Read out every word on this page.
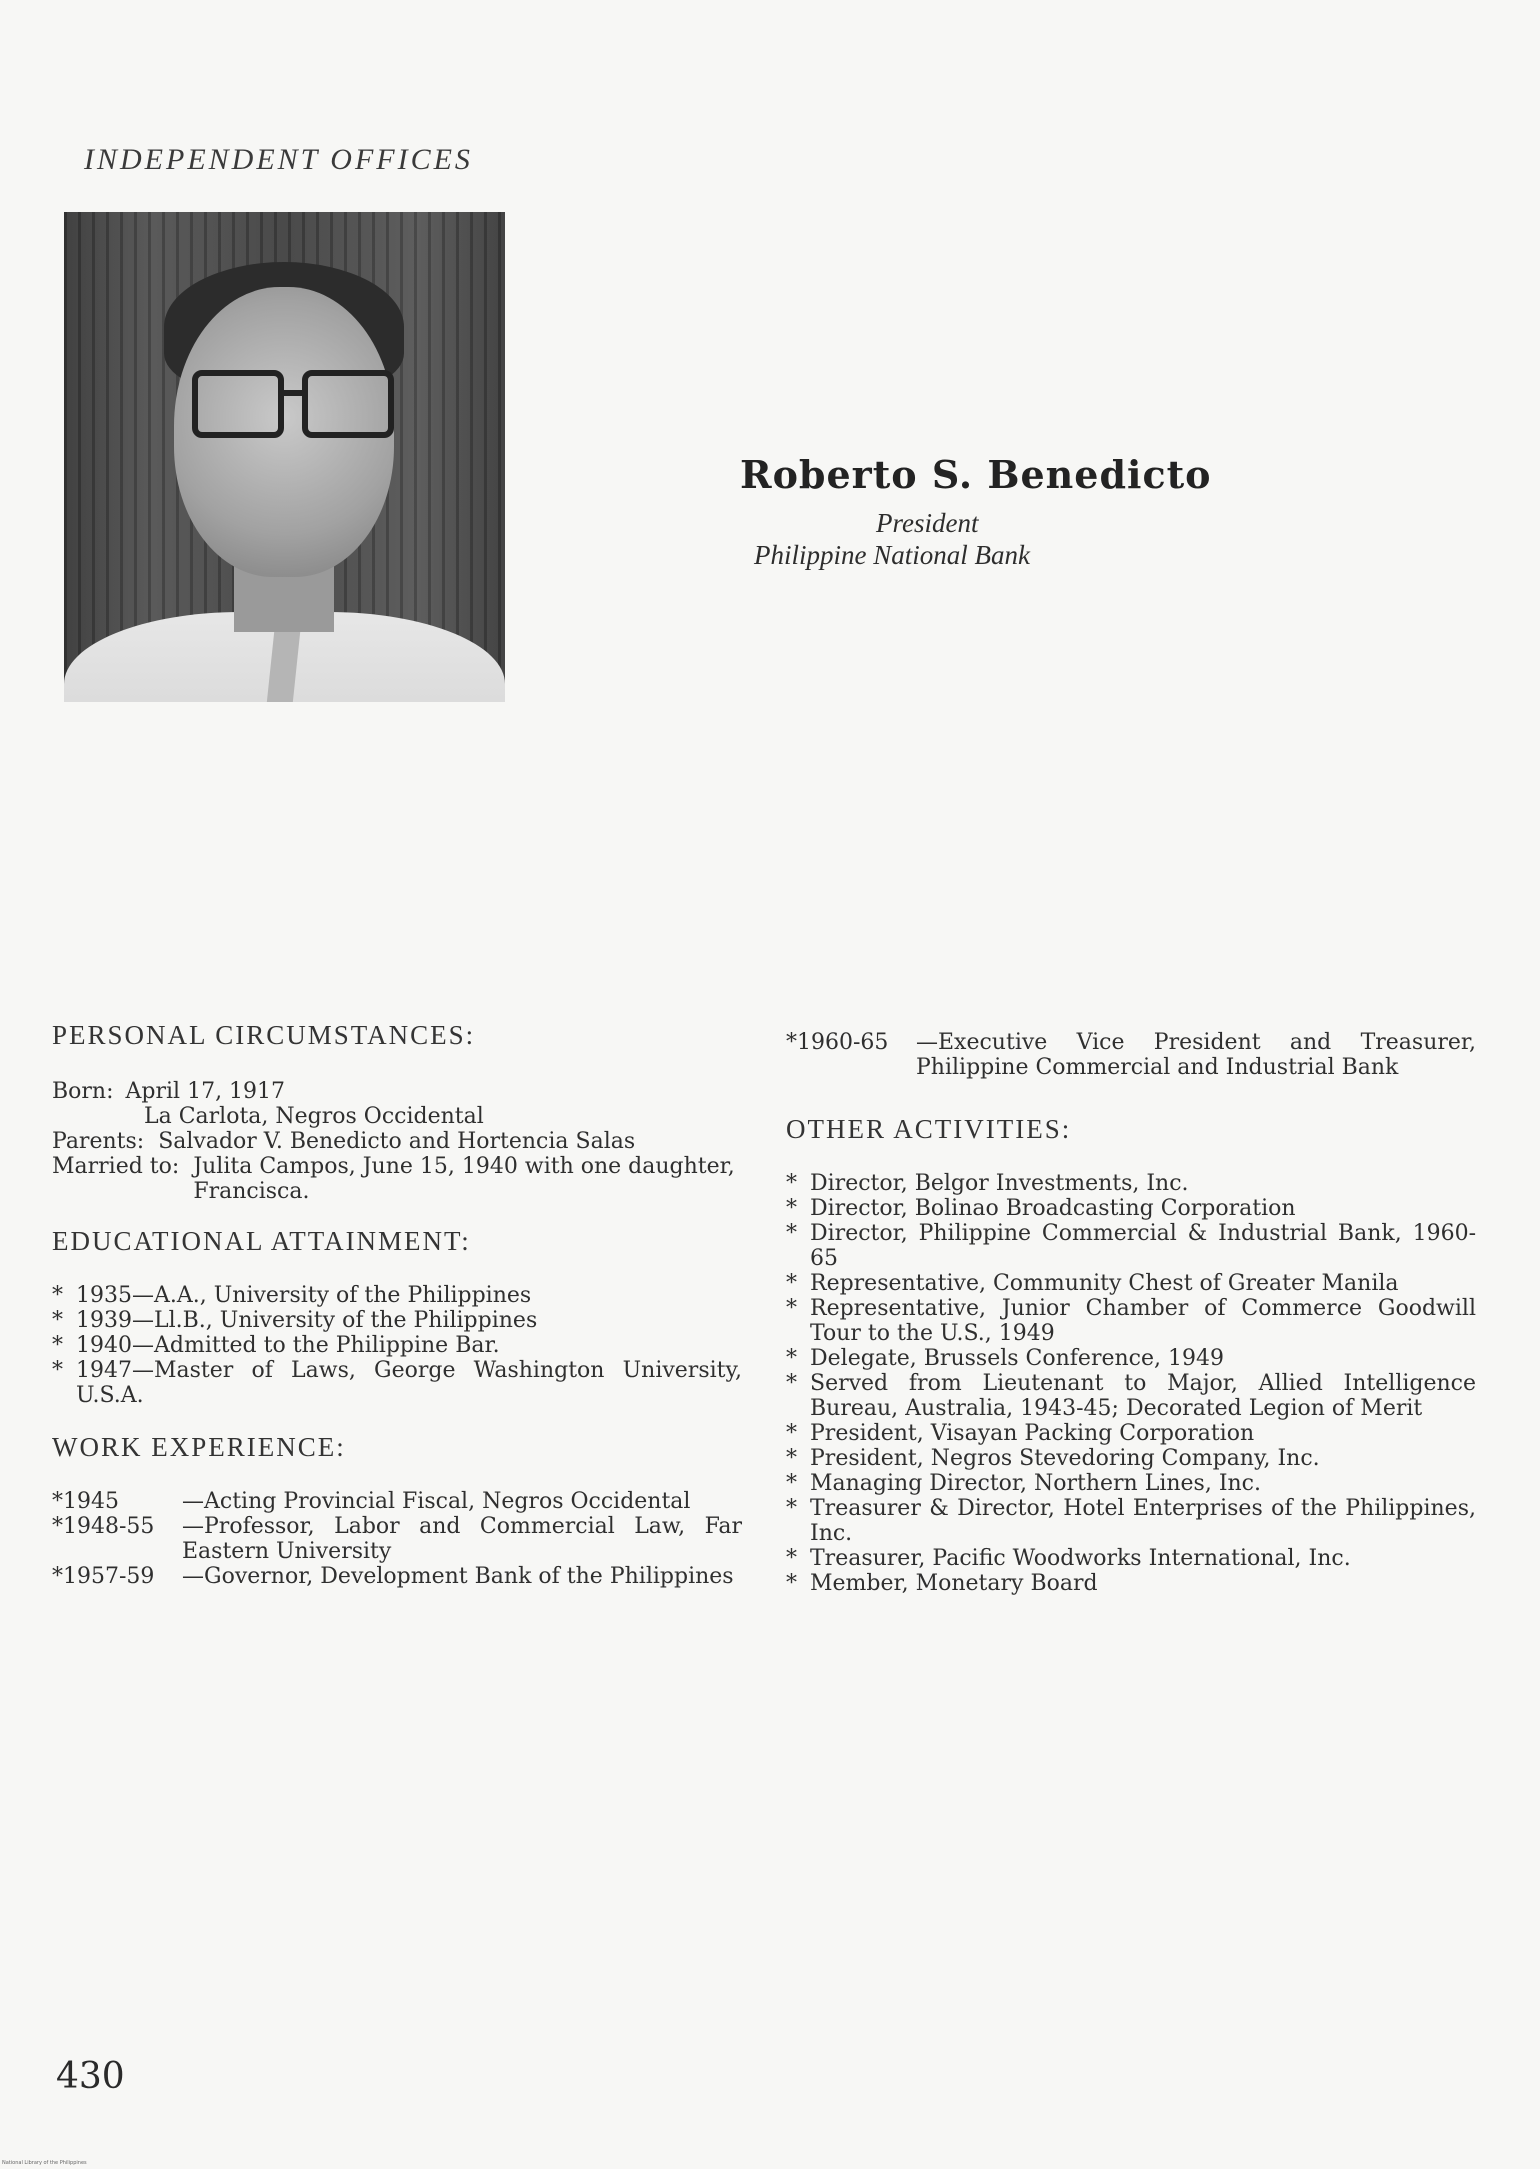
INDEPENDENT OFFICES
Roberto S. Benedicto
President
Philippine National Bank
PERSONAL CIRCUMSTANCES:
Born: April 17, 1917
La Carlota, Negros Occidental
Parents: Salvador V. Benedicto and Hortencia Salas
Married to: Julita Campos, June 15, 1940 with one daughter, Francisca.
EDUCATIONAL ATTAINMENT:
* 1935—A.A., University of the Philippines
* 1939—Ll.B., University of the Philippines
* 1940—Admitted to the Philippine Bar.
* 1947—Master of Laws, George Washington University, U.S.A.
WORK EXPERIENCE:
*1945	—Acting Provincial Fiscal, Negros Occidental
*1948-55	—Professor, Labor and Commercial Law, Far Eastern University
*1957-59	—Governor, Development Bank of the Philippines
*1960-65	—Executive Vice President and Treasurer, Philippine Commercial and Industrial Bank
OTHER ACTIVITIES:
* Director, Belgor Investments, Inc.
* Director, Bolinao Broadcasting Corporation
* Director, Philippine Commercial & Industrial Bank, 1960-65
* Representative, Community Chest of Greater Manila
* Representative, Junior Chamber of Commerce Goodwill Tour to the U.S., 1949
* Delegate, Brussels Conference, 1949
* Served from Lieutenant to Major, Allied Intelligence Bureau, Australia, 1943-45; Decorated Legion of Merit
* President, Visayan Packing Corporation
* President, Negros Stevedoring Company, Inc.
* Managing Director, Northern Lines, Inc.
* Treasurer & Director, Hotel Enterprises of the Philippines, Inc.
* Treasurer, Pacific Woodworks International, Inc.
* Member, Monetary Board
430
National Library of the Philippines
